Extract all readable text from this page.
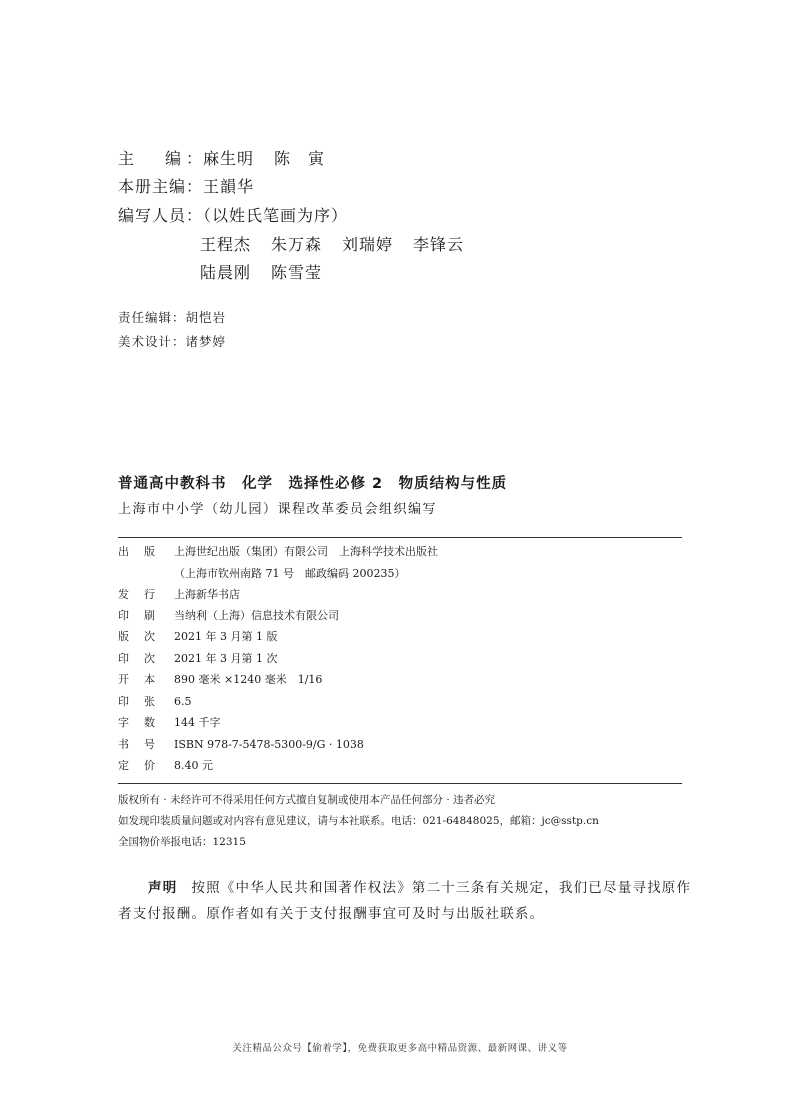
主 编 ：麻生明 陈　寅
本册主编：王韻华
编写人员：（以姓氏笔画为序）
王程杰 朱万森 刘瑞婷 李锋云
陆晨刚 陈雪莹
责任编辑：胡恺岩
美术设计：诸梦婷
普通高中教科书　化学　选择性必修 2　物质结构与性质
上海市中小学（幼儿园）课程改革委员会组织编写
出 版 上海世纪出版（集团）有限公司　上海科学技术出版社
（上海市钦州南路 71 号　邮政编码 200235）
发 行 上海新华书店
印 刷 当纳利（上海）信息技术有限公司
版 次 2021 年 3 月第 1 版
印 次 2021 年 3 月第 1 次
开 本 890 毫米 ×1240 毫米　1/16
印 张 6.5
字 数 144 千字
书 号 ISBN 978-7-5478-5300-9/G · 1038
定 价 8.40 元
版权所有 · 未经许可不得采用任何方式擅自复制或使用本产品任何部分 · 违者必究
如发现印装质量问题或对内容有意见建议，请与本社联系。电话：021-64848025，邮箱：jc@sstp.cn
全国物价举报电话：12315
声明 按照《中华人民共和国著作权法》第二十三条有关规定，我们已尽量寻找原作
者支付报酬。原作者如有关于支付报酬事宜可及时与出版社联系。
关注精品公众号【偷着学】，免费获取更多高中精品资源、最新网课、讲义等
